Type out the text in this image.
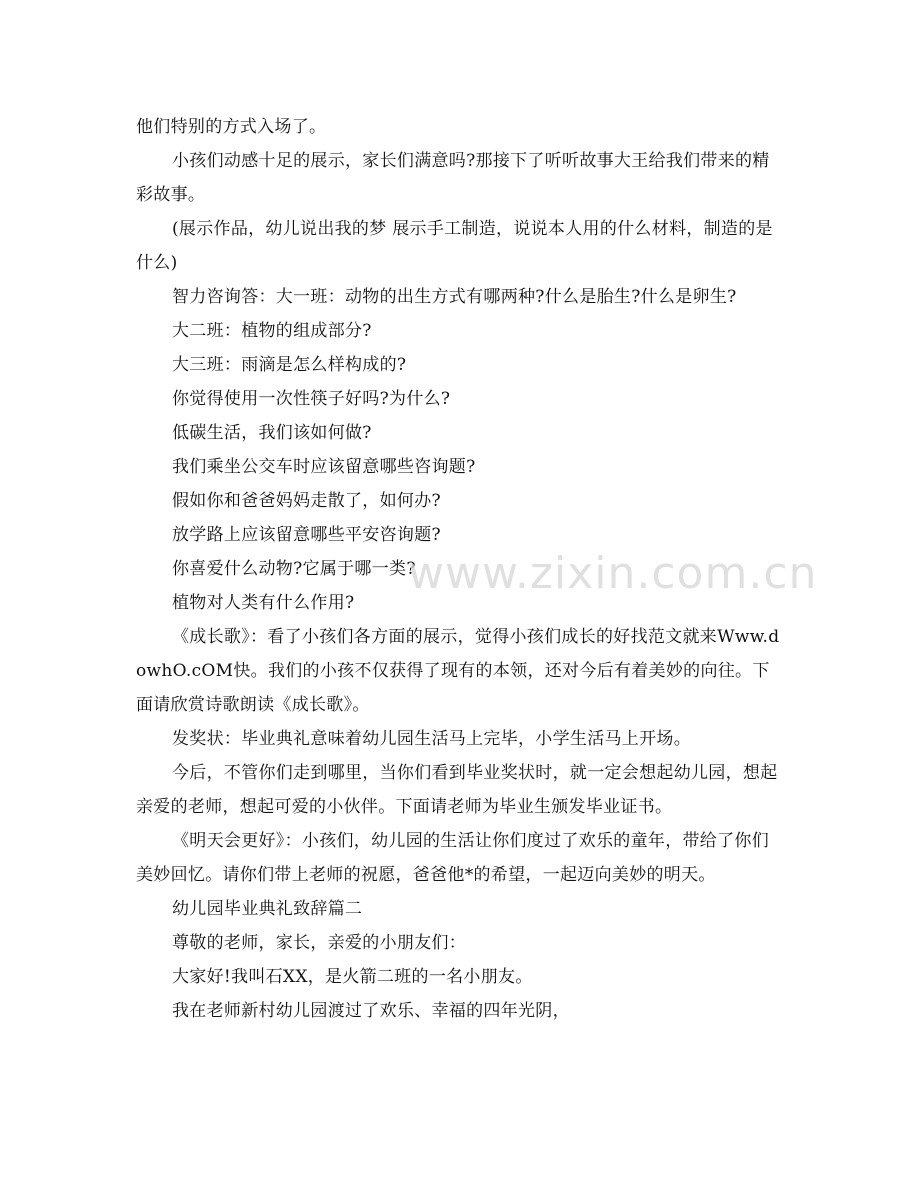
他们特别的方式入场了。

小孩们动感十足的展示，家长们满意吗?那接下了听听故事大王给我们带来的精彩故事。

(展示作品，幼儿说出我的梦 展示手工制造，说说本人用的什么材料，制造的是什么)

智力咨询答：大一班：动物的出生方式有哪两种?什么是胎生?什么是卵生?

大二班：植物的组成部分?

大三班：雨滴是怎么样构成的?

你觉得使用一次性筷子好吗?为什么?

低碳生活，我们该如何做?

我们乘坐公交车时应该留意哪些咨询题?

假如你和爸爸妈妈走散了，如何办?

放学路上应该留意哪些平安咨询题?

你喜爱什么动物?它属于哪一类?

植物对人类有什么作用?

《成长歌》：看了小孩们各方面的展示，觉得小孩们成长的好找范文就来Www.dowhO.cOM快。我们的小孩不仅获得了现有的本领，还对今后有着美妙的向往。下面请欣赏诗歌朗读《成长歌》。

发奖状：毕业典礼意味着幼儿园生活马上完毕，小学生活马上开场。

今后，不管你们走到哪里，当你们看到毕业奖状时，就一定会想起幼儿园，想起亲爱的老师，想起可爱的小伙伴。下面请老师为毕业生颁发毕业证书。

《明天会更好》：小孩们，幼儿园的生活让你们度过了欢乐的童年，带给了你们美妙回忆。请你们带上老师的祝愿，爸爸他*的希望，一起迈向美妙的明天。

幼儿园毕业典礼致辞篇二

尊敬的老师，家长，亲爱的小朋友们：

大家好!我叫石XX，是火箭二班的一名小朋友。

我在老师新村幼儿园渡过了欢乐、幸福的四年光阴，

www.zixin.com.cn
